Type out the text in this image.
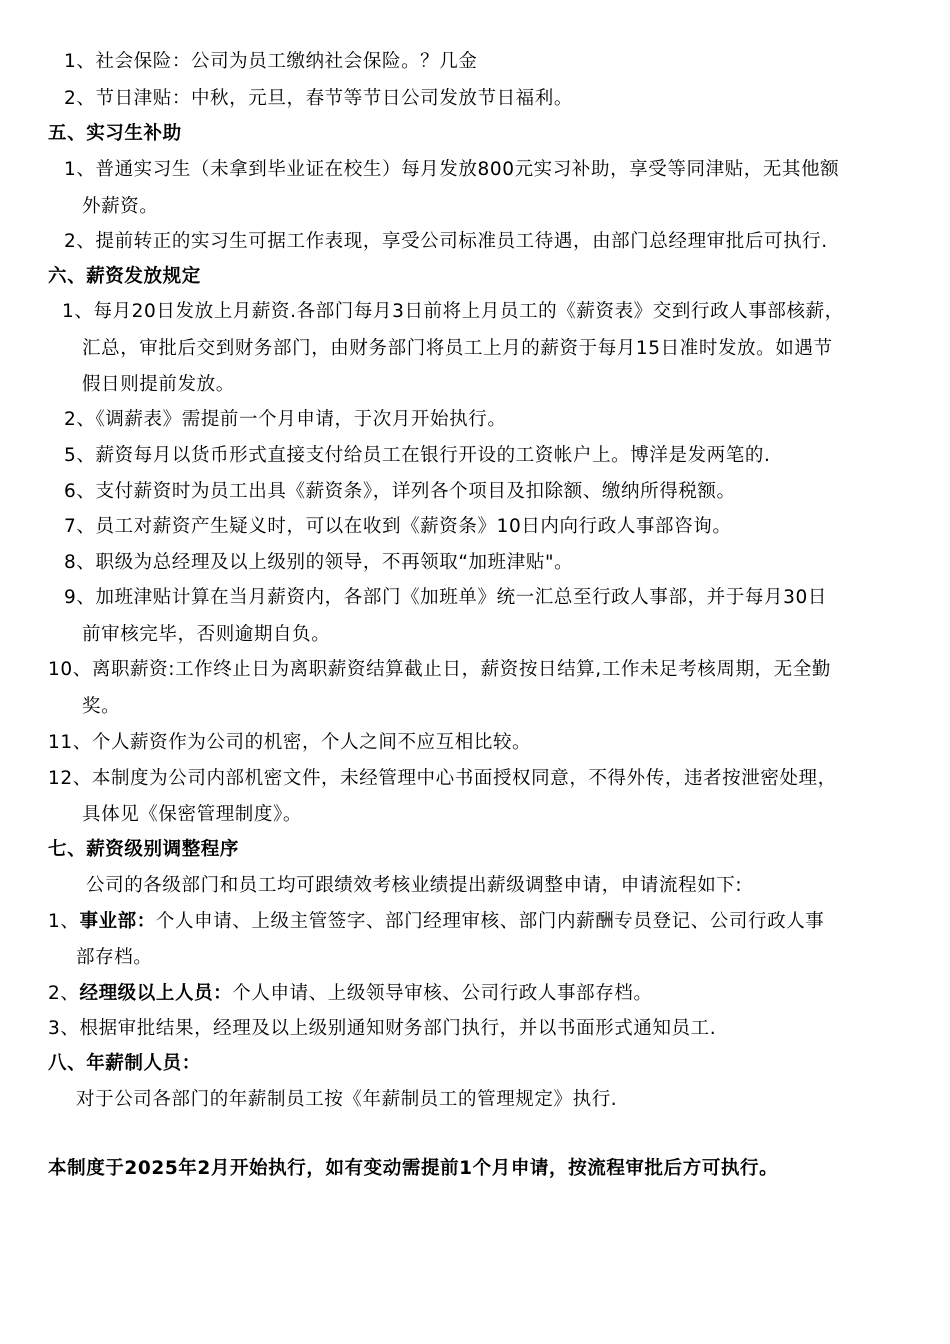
1、社会保险：公司为员工缴纳社会保险。？几金
2、节日津贴：中秋，元旦，春节等节日公司发放节日福利。
五、实习生补助
1、普通实习生（未拿到毕业证在校生）每月发放800元实习补助，享受等同津贴，无其他额
外薪资。
2、提前转正的实习生可据工作表现，享受公司标准员工待遇，由部门总经理审批后可执行.
六、薪资发放规定
1、每月20日发放上月薪资.各部门每月3日前将上月员工的《薪资表》交到行政人事部核薪，
汇总，审批后交到财务部门，由财务部门将员工上月的薪资于每月15日准时发放。如遇节
假日则提前发放。
2、《调薪表》需提前一个月申请，于次月开始执行。
5、薪资每月以货币形式直接支付给员工在银行开设的工资帐户上。博洋是发两笔的.
6、支付薪资时为员工出具《薪资条》，详列各个项目及扣除额、缴纳所得税额。
7、员工对薪资产生疑义时，可以在收到《薪资条》10日内向行政人事部咨询。
8、职级为总经理及以上级别的领导，不再领取“加班津贴"。
9、加班津贴计算在当月薪资内，各部门《加班单》统一汇总至行政人事部，并于每月30日
前审核完毕，否则逾期自负。
10、离职薪资:工作终止日为离职薪资结算截止日，薪资按日结算,工作未足考核周期，无全勤
奖。
11、个人薪资作为公司的机密，个人之间不应互相比较。
12、本制度为公司内部机密文件，未经管理中心书面授权同意，不得外传，违者按泄密处理，
具体见《保密管理制度》。
七、薪资级别调整程序
公司的各级部门和员工均可跟绩效考核业绩提出薪级调整申请，申请流程如下:
1、事业部：个人申请、上级主管签字、部门经理审核、部门内薪酬专员登记、公司行政人事
部存档。
2、经理级以上人员：个人申请、上级领导审核、公司行政人事部存档。
3、根据审批结果，经理及以上级别通知财务部门执行，并以书面形式通知员工.
八、年薪制人员：
对于公司各部门的年薪制员工按《年薪制员工的管理规定》执行.
本制度于2025年2月开始执行，如有变动需提前1个月申请，按流程审批后方可执行。
